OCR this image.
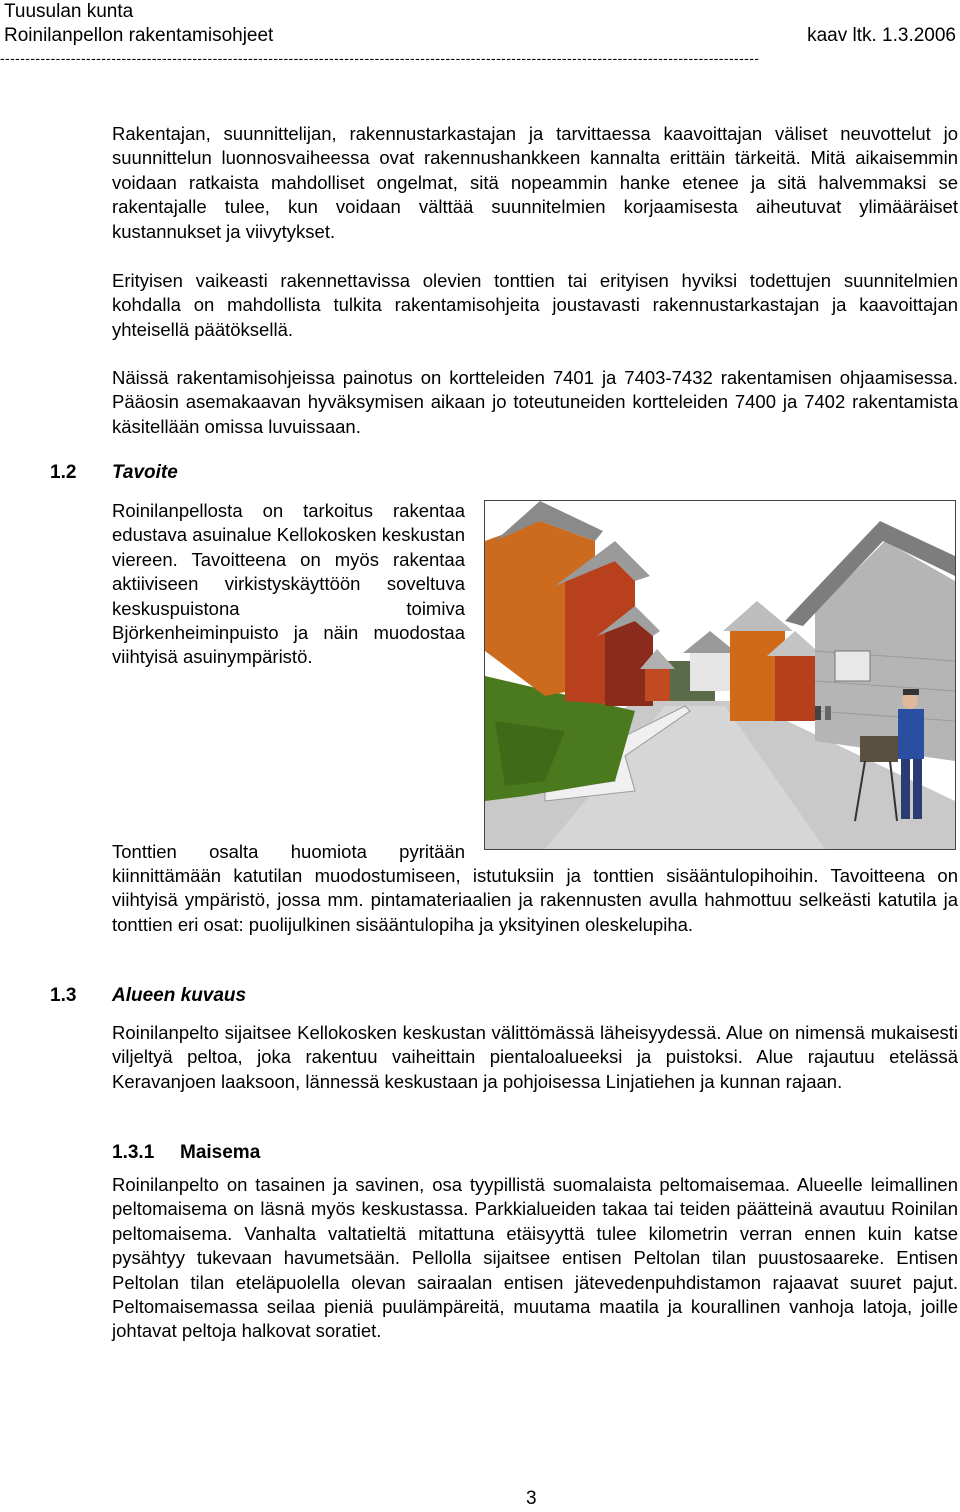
Tuusulan kunta
Roinilanpellon rakentamisohjeet	kaav ltk. 1.3.2006
------------------------------------------------------------------------------------------------------------------------------------------------------

Rakentajan, suunnittelijan, rakennustarkastajan ja tarvittaessa kaavoittajan väliset neuvottelut jo suunnittelun luonnosvaiheessa ovat rakennushankkeen kannalta erittäin tärkeitä. Mitä aikaisemmin voidaan ratkaista mahdolliset ongelmat, sitä nopeammin hanke etenee ja sitä halvemmaksi se rakentajalle tulee, kun voidaan välttää suunnitelmien korjaamisesta aiheutuvat ylimääräiset kustannukset ja viivytykset.

Erityisen vaikeasti rakennettavissa olevien tonttien tai erityisen hyviksi todettujen suunnitelmien kohdalla on mahdollista tulkita rakentamisohjeita joustavasti rakennustarkastajan ja kaavoittajan yhteisellä päätöksellä.

Näissä rakentamisohjeissa painotus on kortteleiden 7401 ja 7403-7432 rakentamisen ohjaamisessa. Pääosin asemakaavan hyväksymisen aikaan jo toteutuneiden kortteleiden 7400 ja 7402 rakentamista käsitellään omissa luvuissaan.

1.2 Tavoite

Roinilanpellosta on tarkoitus rakentaa edustava asuinalue Kellokosken keskustan viereen. Tavoitteena on myös rakentaa aktiiviseen virkistyskäyttöön soveltuva keskuspuistona toimiva Björkenheiminpuisto ja näin muodostaa viihtyisä asuinympäristö.

Tonttien osalta huomiota pyritään

kiinnittämään katutilan muodostumiseen, istutuksiin ja tonttien sisääntulopihoihin. Tavoitteena on viihtyisä ympäristö, jossa mm. pintamateriaalien ja rakennusten avulla hahmottuu selkeästi katutila ja tonttien eri osat: puolijulkinen sisääntulopiha ja yksityinen oleskelupiha.

1.3 Alueen kuvaus

Roinilanpelto sijaitsee Kellokosken keskustan välittömässä läheisyydessä. Alue on nimensä mukaisesti viljeltyä peltoa, joka rakentuu vaiheittain pientaloalueeksi ja puistoksi. Alue rajautuu etelässä Keravanjoen laaksoon, lännessä keskustaan ja pohjoisessa Linjatiehen ja kunnan rajaan.

1.3.1 Maisema

Roinilanpelto on tasainen ja savinen, osa tyypillistä suomalaista peltomaisemaa. Alueelle leimallinen peltomaisema on läsnä myös keskustassa. Parkkialueiden takaa tai teiden päätteinä avautuu Roinilan peltomaisema. Vanhalta valtatieltä mitattuna etäisyyttä tulee kilometrin verran ennen kuin katse pysähtyy tukevaan havumetsään. Pellolla sijaitsee entisen Peltolan tilan puustosaareke. Entisen Peltolan tilan eteläpuolella olevan sairaalan entisen jätevedenpuhdistamon rajaavat suuret pajut. Peltomaisemassa seilaa pieniä puulämpäreitä, muutama maatila ja kourallinen vanhoja latoja, joille johtavat peltoja halkovat soratiet.

3
